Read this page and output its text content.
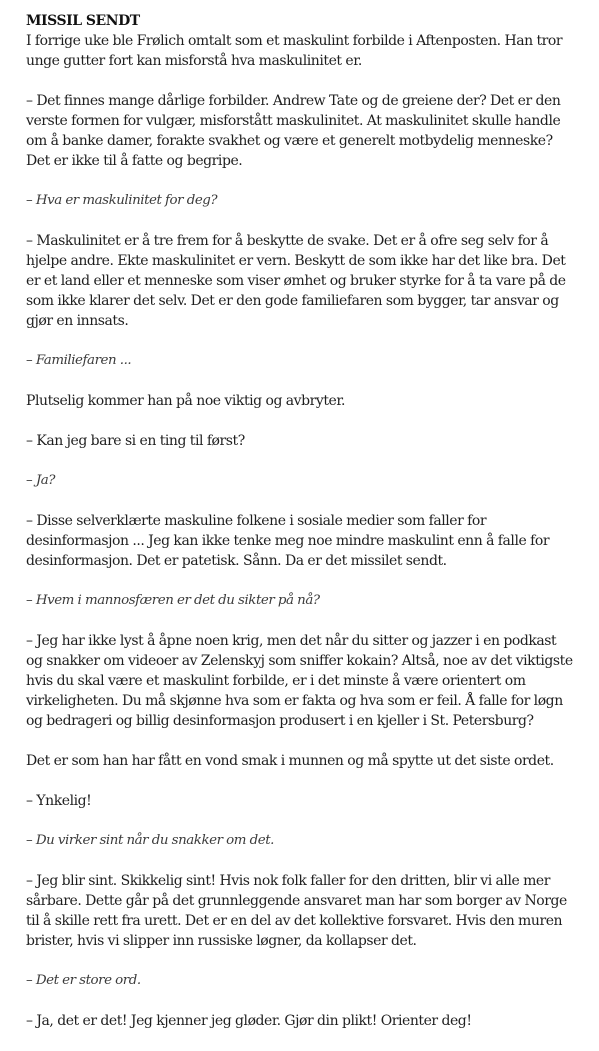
MISSIL SENDT
I forrige uke ble Frølich omtalt som et maskulint forbilde i Aftenposten. Han tror unge gutter fort kan misforstå hva maskulinitet er.
– Det finnes mange dårlige forbilder. Andrew Tate og de greiene der? Det er den verste formen for vulgær, misforstått maskulinitet. At maskulinitet skulle handle om å banke damer, forakte svakhet og være et generelt motbydelig menneske? Det er ikke til å fatte og begripe.
– Hva er maskulinitet for deg?
– Maskulinitet er å tre frem for å beskytte de svake. Det er å ofre seg selv for å hjelpe andre. Ekte maskulinitet er vern. Beskytt de som ikke har det like bra. Det er et land eller et menneske som viser ømhet og bruker styrke for å ta vare på de som ikke klarer det selv. Det er den gode familiefaren som bygger, tar ansvar og gjør en innsats.
– Familiefaren ...
Plutselig kommer han på noe viktig og avbryter.
– Kan jeg bare si en ting til først?
– Ja?
– Disse selverklærte maskuline folkene i sosiale medier som faller for desinformasjon ... Jeg kan ikke tenke meg noe mindre maskulint enn å falle for desinformasjon. Det er patetisk. Sånn. Da er det missilet sendt.
– Hvem i mannosfæren er det du sikter på nå?
– Jeg har ikke lyst å åpne noen krig, men det når du sitter og jazzer i en podkast og snakker om videoer av Zelenskyj som sniffer kokain? Altså, noe av det viktigste hvis du skal være et maskulint forbilde, er i det minste å være orientert om virkeligheten. Du må skjønne hva som er fakta og hva som er feil. Å falle for løgn og bedrageri og billig desinformasjon produsert i en kjeller i St. Petersburg?
Det er som han har fått en vond smak i munnen og må spytte ut det siste ordet.
– Ynkelig!
– Du virker sint når du snakker om det.
– Jeg blir sint. Skikkelig sint! Hvis nok folk faller for den dritten, blir vi alle mer sårbare. Dette går på det grunnleggende ansvaret man har som borger av Norge til å skille rett fra urett. Det er en del av det kollektive forsvaret. Hvis den muren brister, hvis vi slipper inn russiske løgner, da kollapser det.
– Det er store ord.
– Ja, det er det! Jeg kjenner jeg gløder. Gjør din plikt! Orienter deg!
